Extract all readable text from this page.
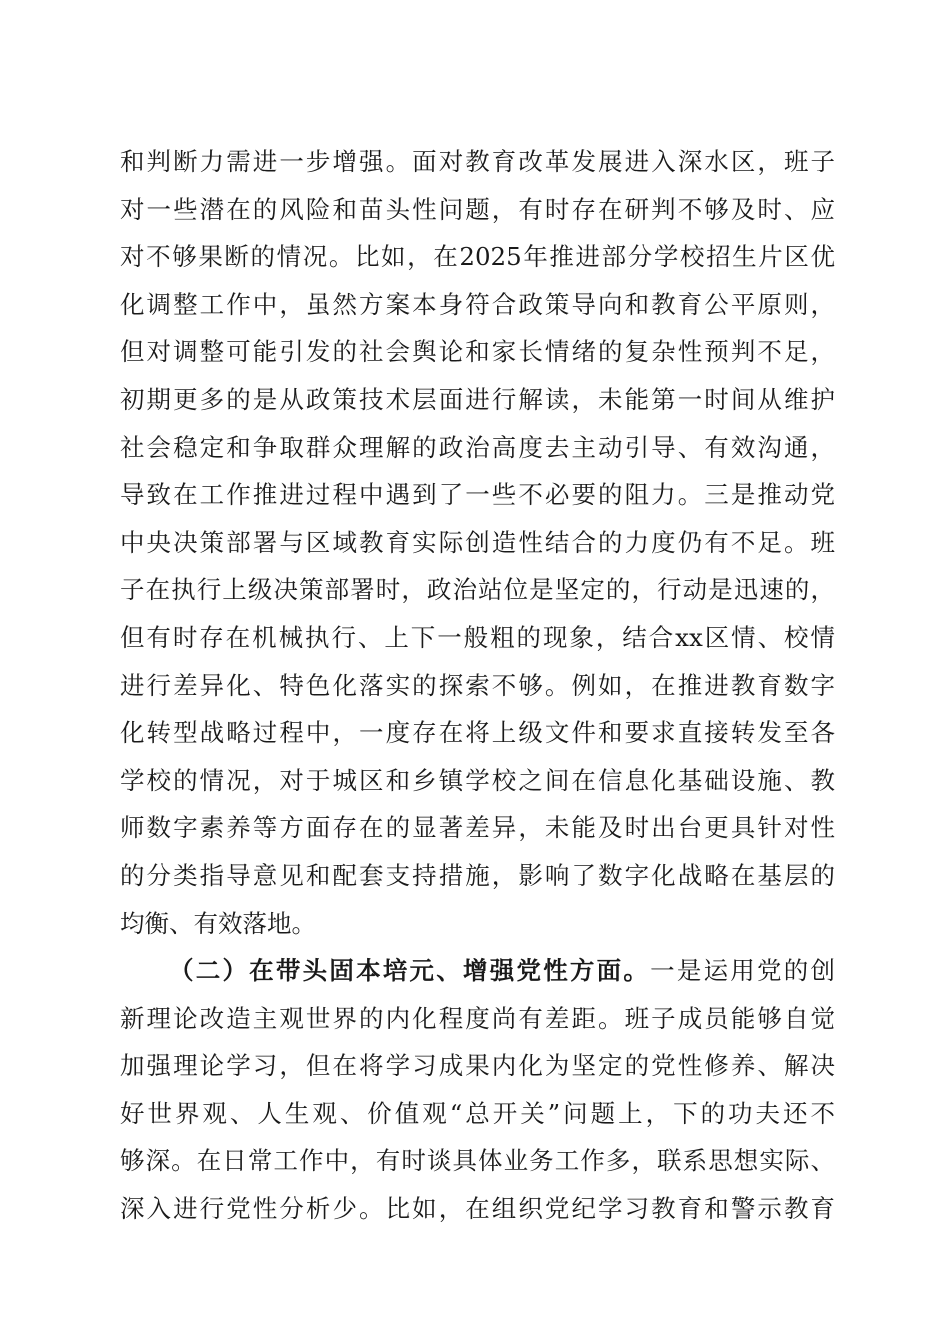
和判断力需进一步增强。面对教育改革发展进入深水区，班子
对一些潜在的风险和苗头性问题，有时存在研判不够及时、应
对不够果断的情况。比如，在2025年推进部分学校招生片区优
化调整工作中，虽然方案本身符合政策导向和教育公平原则，
但对调整可能引发的社会舆论和家长情绪的复杂性预判不足，
初期更多的是从政策技术层面进行解读，未能第一时间从维护
社会稳定和争取群众理解的政治高度去主动引导、有效沟通，
导致在工作推进过程中遇到了一些不必要的阻力。三是推动党
中央决策部署与区域教育实际创造性结合的力度仍有不足。班
子在执行上级决策部署时，政治站位是坚定的，行动是迅速的，
但有时存在机械执行、上下一般粗的现象，结合xx区情、校情
进行差异化、特色化落实的探索不够。例如，在推进教育数字
化转型战略过程中，一度存在将上级文件和要求直接转发至各
学校的情况，对于城区和乡镇学校之间在信息化基础设施、教
师数字素养等方面存在的显著差异，未能及时出台更具针对性
的分类指导意见和配套支持措施，影响了数字化战略在基层的
均衡、有效落地。
（二）在带头固本培元、增强党性方面。一是运用党的创
新理论改造主观世界的内化程度尚有差距。班子成员能够自觉
加强理论学习，但在将学习成果内化为坚定的党性修养、解决
好世界观、人生观、价值观“总开关”问题上，下的功夫还不
够深。在日常工作中，有时谈具体业务工作多，联系思想实际、
深入进行党性分析少。比如，在组织党纪学习教育和警示教育
